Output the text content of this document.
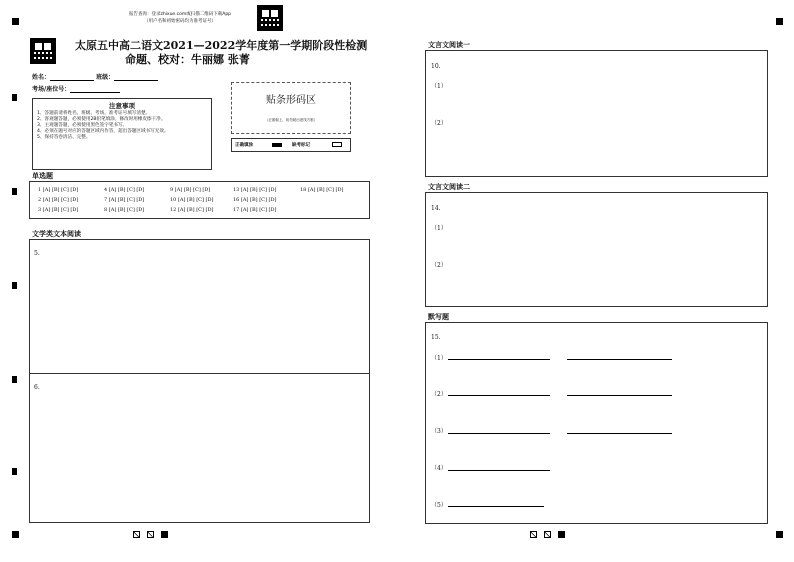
报告查询：登录zhixue.com或扫描二维码下载App
（用户名和初始密码均为准考证号）
太原五中高二语文2021—2022学年度第一学期阶段性检测
命题、校对：牛丽娜 张菁
姓名：	班级：
考场/座位号：
注意事项
1、答题前请将姓名、班级、考场、准考证号填写清楚。
2、客观题答题，必须使用2B铅笔填涂，修改时用橡皮擦干净。
3、主观题答题，必须使用黑色签字笔书写。
4、必须在题号对应的答题区域内作答，超出答题区域书写无效。
5、保持答卷清洁、完整。
贴条形码区
（正面朝上，切勿贴出虚线方框）
正确填涂	缺考标记
单选题
1 [A] [B] [C] [D]
2 [A] [B] [C] [D]
3 [A] [B] [C] [D]
4 [A] [B] [C] [D]
7 [A] [B] [C] [D]
8 [A] [B] [C] [D]
9 [A] [B] [C] [D]
10 [A] [B] [C] [D]
12 [A] [B] [C] [D]
13 [A] [B] [C] [D]
16 [A] [B] [C] [D]
17 [A] [B] [C] [D]
18 [A] [B] [C] [D]
文学类文本阅读
5.
6.
文言文阅读一
10.
（1）
（2）
文言文阅读二
14.
（1）
（2）
默写题
15.
（1）
（2）
（3）
（4）
（5）
